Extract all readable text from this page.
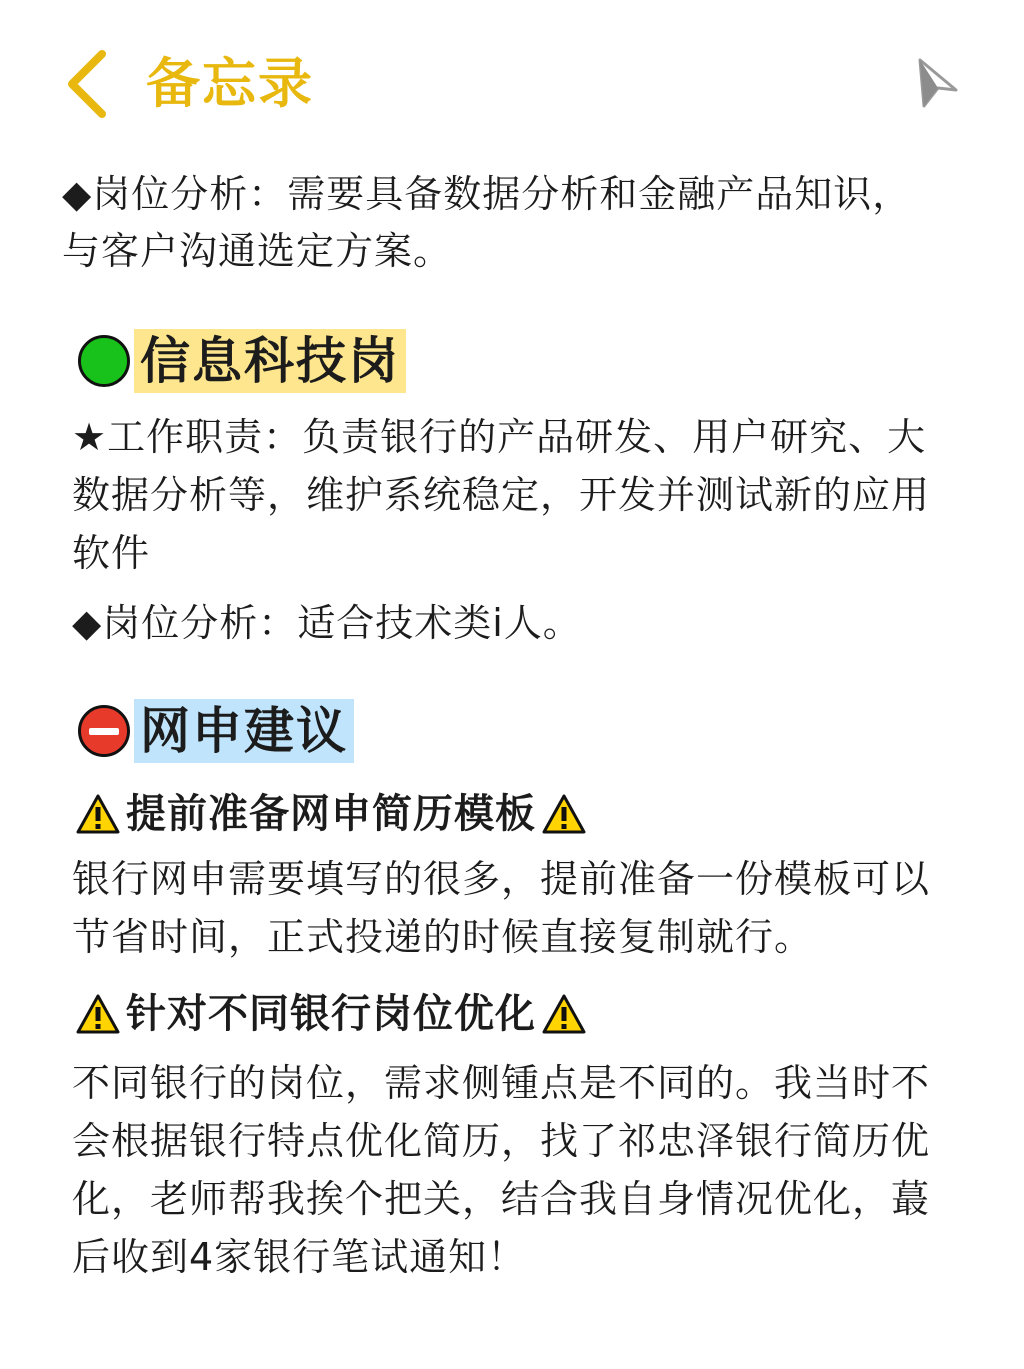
备忘录

◆岗位分析：需要具备数据分析和金融产品知识，与客户沟通选定方案。

信息科技岗

★工作职责：负责银行的产品研发、用户研究、大数据分析等，维护系统稳定，开发并测试新的应用软件

◆岗位分析：适合技术类i人。

网申建议
提前准备网申简历模板

银行网申需要填写的很多，提前准备一份模板可以节省时间，正式投递的时候直接复制就行。

针对不同银行岗位优化

不同银行的岗位，需求侧锺点是不同的。我当时不会根据银行特点优化简历，找了祁忠泽银行简历优化，老师帮我挨个把关，结合我自身情况优化，蕞后收到4家银行笔试通知！
